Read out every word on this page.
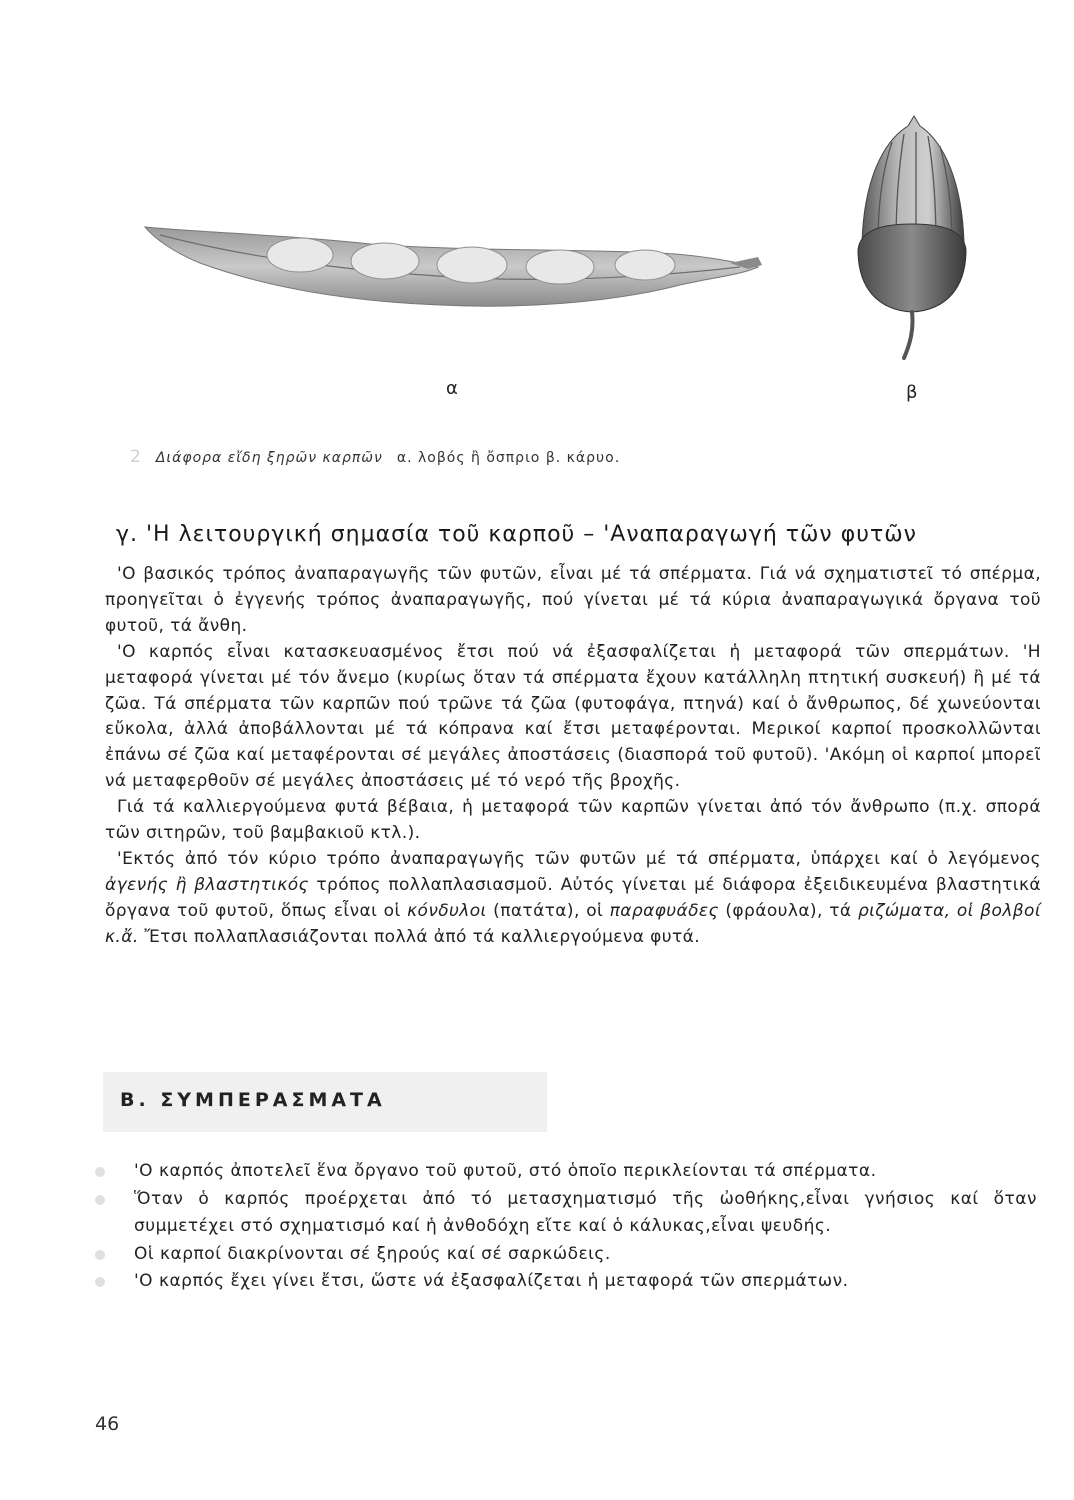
α	β
2 Διάφορα εἴδη ξηρῶν καρπῶν α. λοβός ἢ ὄσπριο β. κάρυο.
γ. 'Η λειτουργική σημασία τοῦ καρποῦ – 'Αναπαραγωγή τῶν φυτῶν

'Ο βασικός τρόπος ἀναπαραγωγῆς τῶν φυτῶν, εἶναι μέ τά σπέρματα. Γιά νά σχηματιστεῖ τό σπέρμα, προηγεῖται ὁ ἐγγενής τρόπος ἀναπαραγωγῆς, πού γίνεται μέ τά κύρια ἀναπαραγωγικά ὄργανα τοῦ φυτοῦ, τά ἄνθη.

'Ο καρπός εἶναι κατασκευασμένος ἔτσι πού νά ἐξασφαλίζεται ἡ μεταφορά τῶν σπερμάτων. 'Η μεταφορά γίνεται μέ τόν ἄνεμο (κυρίως ὅταν τά σπέρματα ἔχουν κατάλληλη πτητική συσκευή) ἢ μέ τά ζῶα. Τά σπέρματα τῶν καρπῶν πού τρῶνε τά ζῶα (φυτοφάγα, πτηνά) καί ὁ ἄνθρωπος, δέ χωνεύονται εὔκολα, ἀλλά ἀποβάλλονται μέ τά κόπρανα καί ἔτσι μεταφέρονται. Μερικοί καρποί προσκολλῶνται ἐπάνω σέ ζῶα καί μεταφέρονται σέ μεγάλες ἀποστάσεις (διασπορά τοῦ φυτοῦ). 'Ακόμη οἱ καρποί μπορεῖ νά μεταφερθοῦν σέ μεγάλες ἀποστάσεις μέ τό νερό τῆς βροχῆς.

Γιά τά καλλιεργούμενα φυτά βέβαια, ἡ μεταφορά τῶν καρπῶν γίνεται ἀπό τόν ἄνθρωπο (π.χ. σπορά τῶν σιτηρῶν, τοῦ βαμβακιοῦ κτλ.).

'Εκτός ἀπό τόν κύριο τρόπο ἀναπαραγωγῆς τῶν φυτῶν μέ τά σπέρματα, ὑπάρχει καί ὁ λεγόμενος ἀγενής ἢ βλαστητικός τρόπος πολλαπλασιασμοῦ. Αὐτός γίνεται μέ διάφορα ἐξειδικευμένα βλαστητικά ὄργανα τοῦ φυτοῦ, ὅπως εἶναι οἱ κόνδυλοι (πατάτα), οἱ παραφυάδες (φράουλα), τά ριζώματα, οἱ βολβοί κ.ἄ. Ἔτσι πολλαπλασιάζονται πολλά ἀπό τά καλλιεργούμενα φυτά.

Β. ΣΥΜΠΕΡΑΣΜΑΤΑ
'Ο καρπός ἀποτελεῖ ἕνα ὄργανο τοῦ φυτοῦ, στό ὁποῖο περικλείονται τά σπέρματα.
Ὅταν ὁ καρπός προέρχεται ἀπό τό μετασχηματισμό τῆς ὠοθήκης,εἶναι γνήσιος καί ὅταν συμμετέχει στό σχηματισμό καί ἡ ἀνθοδόχη εἴτε καί ὁ κάλυκας,εἶναι ψευδής.
Οἱ καρποί διακρίνονται σέ ξηρούς καί σέ σαρκώδεις.
'Ο καρπός ἔχει γίνει ἔτσι, ὥστε νά ἐξασφαλίζεται ἡ μεταφορά τῶν σπερμάτων.
46
